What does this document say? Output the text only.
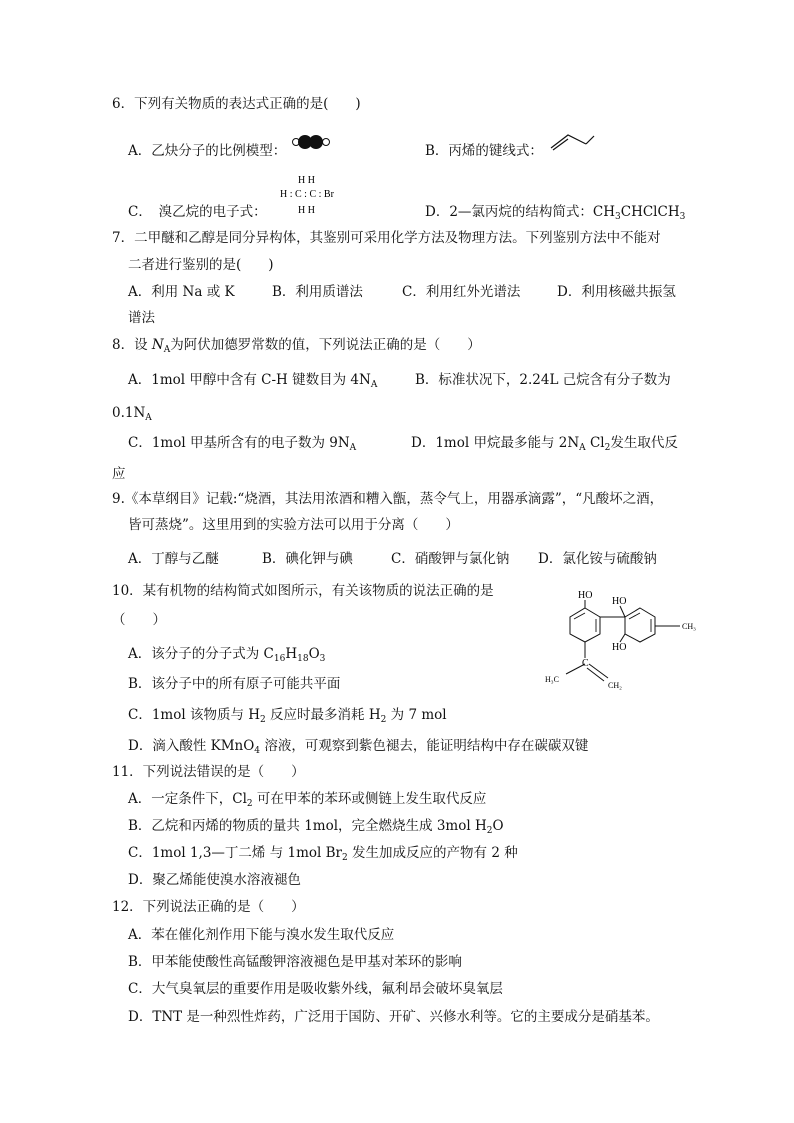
6．下列有关物质的表达式正确的是(　　)
A．乙炔分子的比例模型：	B．丙烯的键线式：
H H
H : C : C : Br
H H
C．　溴乙烷的电子式：	D．2—氯丙烷的结构简式：$CH_3CHClCH_3$
7．二甲醚和乙醇是同分异构体，其鉴别可采用化学方法及物理方法。下列鉴别方法中不能对
二者进行鉴别的是(　　)
A．利用 Na 或 K	B．利用质谱法	C．利用红外光谱法	D．利用核磁共振氢
谱法
8．设 $N_A$为阿伏加德罗常数的值，下列说法正确的是（　　）
A．1mol 甲醇中含有 C-H 键数目为 $4N_A$	B．标准状况下，2.24L 己烷含有分子数为
$0.1N_A$
C．1mol 甲基所含有的电子数为 $9N_A$	D．1mol 甲烷最多能与 $2N_A$ $Cl_2$发生取代反
应
9.《本草纲目》记载:“烧酒，其法用浓酒和糟入甑，蒸令气上，用器承滴露”，“凡酸坏之酒，
皆可蒸烧”。这里用到的实验方法可以用于分离（　　）
A．丁醇与乙醚	B．碘化钾与碘	C．硝酸钾与氯化钠 D．氯化铵与硫酸钠
10．某有机物的结构简式如图所示，有关该物质的说法正确的是
（　　）
HO
HO
HO
CH₃
C
H₃C
CH₂
A．该分子的分子式为 $C_{16}H_{18}O_3$
B．该分子中的所有原子可能共平面
C．1mol 该物质与 $H_2$ 反应时最多消耗 $H_2$ 为 7 mol
D．滴入酸性 KMnO$_4$ 溶液，可观察到紫色褪去，能证明结构中存在碳碳双键
11．下列说法错误的是（　　）
A．一定条件下，$Cl_2$ 可在甲苯的苯环或侧链上发生取代反应
B．乙烷和丙烯的物质的量共 1mol，完全燃烧生成 3mol $H_2O$
C．1mol 1,3—丁二烯 与 1mol $Br_2$ 发生加成反应的产物有 2 种
D．聚乙烯能使溴水溶液褪色
12．下列说法正确的是（　　）
A．苯在催化剂作用下能与溴水发生取代反应
B．甲苯能使酸性高锰酸钾溶液褪色是甲基对苯环的影响
C．大气臭氧层的重要作用是吸收紫外线，氟利昂会破坏臭氧层
D．TNT 是一种烈性炸药，广泛用于国防、开矿、兴修水利等。它的主要成分是硝基苯。
